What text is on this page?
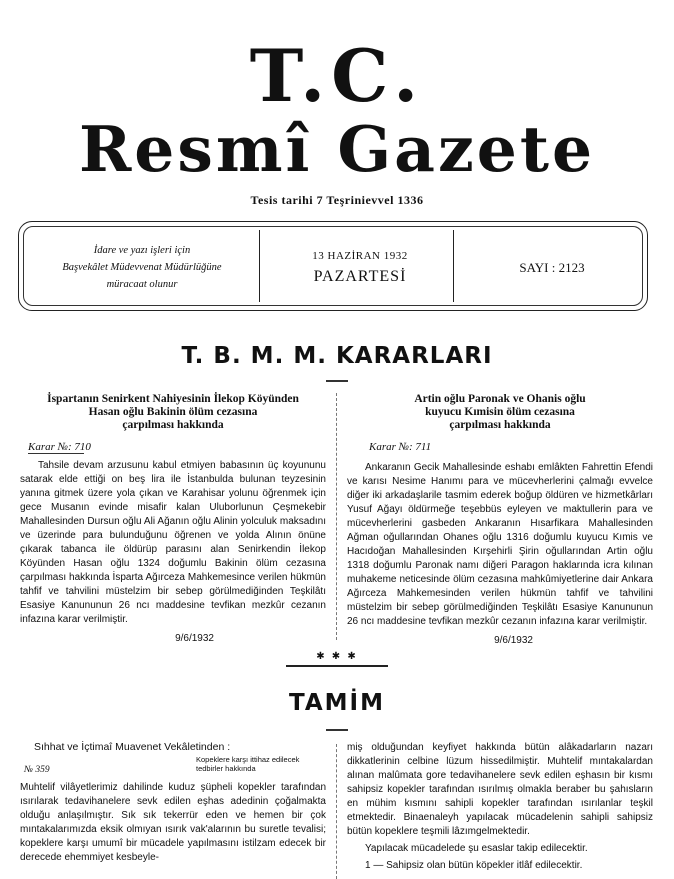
T.C.
Resmî Gazete
Tesis tarihi 7 Teşrinievvel 1336
İdare ve yazı işleri için
Başvekâlet Müdevvenat Müdürlüğüne
müracaat olunur
13 HAZİRAN 1932
PAZARTESİ
SAYI : 2123
T. B. M. M. KARARLARI
İspartanın Senirkent Nahiyesinin İlekop Köyünden
Hasan oğlu Bakinin ölüm cezasına
çarpılması hakkında
Karar №: 710

Tahsile devam arzusunu kabul etmiyen babasının üç koyununu satarak elde ettiği on beş lira ile İstanbulda bulunan teyzesinin yanına gitmek üzere yola çıkan ve Karahisar yolunu öğrenmek için gece Musanın evinde misafir kalan Uluborlunun Çeşmekebir Mahallesinden Dursun oğlu Ali Ağanın oğlu Alinin yolculuk maksadını ve üzerinde para bulunduğunu öğrenen ve yolda Alının önüne çıkarak tabanca ile öldürüp parasını alan Senirkendin İlekop Köyünden Hasan oğlu 1324 doğumlu Bakinin ölüm cezasına çarpılması hakkında İsparta Ağırceza Mahkemesince verilen hükmün tahfif ve tahvilini müstelzim bir sebep görülmediğinden Teşkilâtı Esasiye Kanununun 26 ncı maddesine tevfikan mezkûr cezanın infazına karar verilmiştir.

9/6/1932
Artin oğlu Paronak ve Ohanis oğlu
kuyucu Kımisin ölüm cezasına
çarpılması hakkında
Karar №: 711

Ankaranın Gecik Mahallesinde eshabı emlâkten Fahrettin Efendi ve karısı Nesime Hanımı para ve mücevherlerini çalmağı evvelce diğer iki arkadaşlarile tasmim ederek boğup öldüren ve hizmetkârları Yusuf Ağayı öldürmeğe teşebbüs eyleyen ve maktullerin para ve mücevherlerini gasbeden Ankaranın Hısarfikara Mahallesinden Ağman oğullarından Ohanes oğlu 1316 doğumlu kuyucu Kımis ve Hacıdoğan Mahallesinden Kırşehirli Şirin oğullarından Artin oğlu 1318 doğumlu Paronak namı diğeri Paragon haklarında icra kılınan muhakeme neticesinde ölüm cezasına mahkûmiyetlerine dair Ankara Ağırceza Mahkemesinden verilen hükmün tahfif ve tahvilini müstelzim bir sebep görülmediğinden Teşkilâtı Esasiye Kanununun 26 ncı maddesine tevfikan mezkûr cezanın infazına karar verilmiştir.

9/6/1932
✱ ✱ ✱
TAMİM
Sıhhat ve İçtimaî Muavenet Vekâletinden :
№ 359
Kopeklere karşı ittihaz edilecek
tedbirler hakkında

Muhtelif vilâyetlerimiz dahilinde kuduz şüpheli kopekler tarafından ısırılarak tedavihanelere sevk edilen eşhas adedinin çoğalmakta olduğu anlaşılmıştır. Sık sık tekerrür eden ve hemen bir çok mıntakalarımızda eksik olmıyan ısırık vak'alarının bu suretle tevalisi; kopeklere karşı umumî bir mücadele yapılmasını istilzam edecek bir derecede ehemmiyet kesbeyle-

miş olduğundan keyfiyet hakkında bütün alâkadarların nazarı dikkatlerinin celbine lüzum hissedilmiştir. Muhtelif mıntakalardan alınan malûmata gore tedavihanelere sevk edilen eşhasın bir kısmı sahipsiz kopekler tarafından ısırılmış olmakla beraber bu şahısların en mühim kısmını sahipli kopekler tarafından ısırılanlar teşkil etmektedir. Binaenaleyh yapılacak mücadelenin sahipli sahipsiz bütün kopeklere teşmili lâzımgelmektedir.

Yapılacak mücadelede şu esaslar takip edilecektir.

1 — Sahipsiz olan bütün köpekler itlâf edilecektir.
